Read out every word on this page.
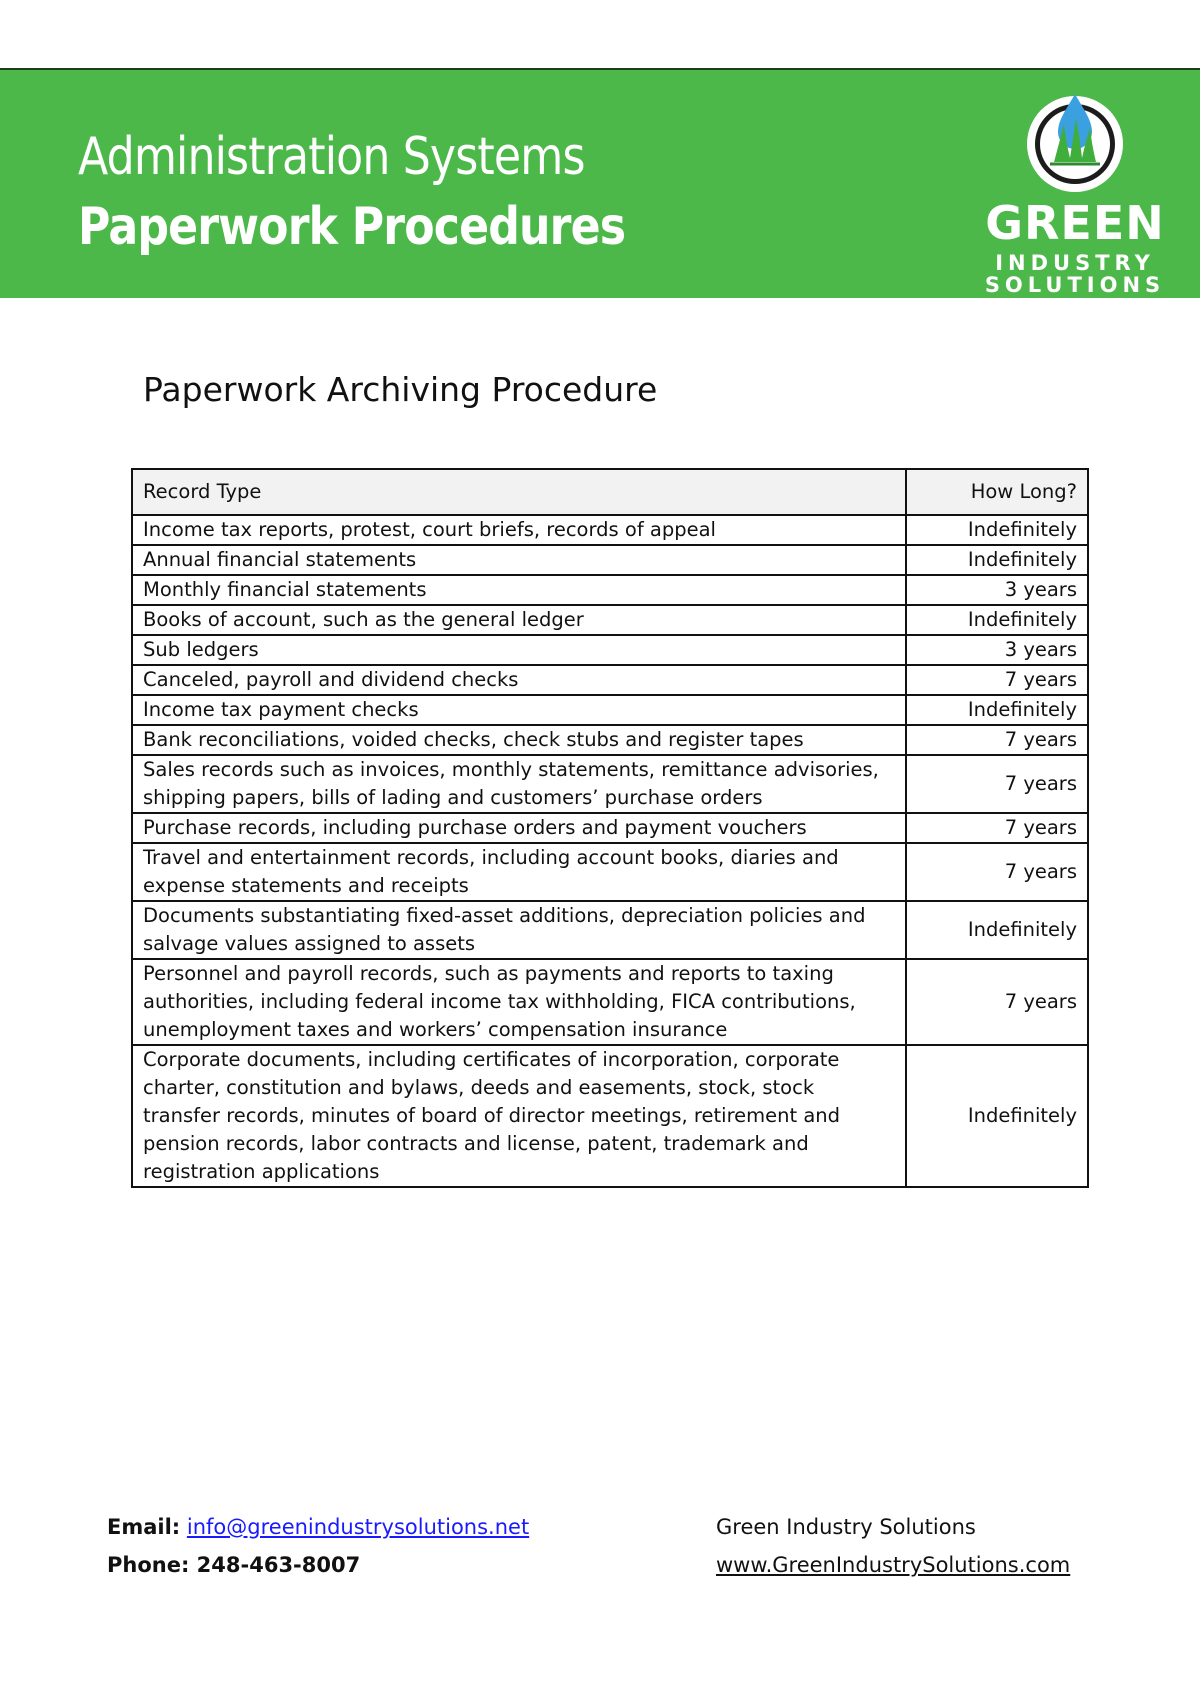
Administration Systems
Paperwork Procedures	GREEN
INDUSTRY
SOLUTIONS
Paperwork Archiving Procedure
Record Type	How Long?
Income tax reports, protest, court briefs, records of appeal	Indefinitely
Annual financial statements	Indefinitely
Monthly financial statements	3 years
Books of account, such as the general ledger	Indefinitely
Sub ledgers	3 years
Canceled, payroll and dividend checks	7 years
Income tax payment checks	Indefinitely
Bank reconciliations, voided checks, check stubs and register tapes	7 years
Sales records such as invoices, monthly statements, remittance advisories, shipping papers, bills of lading and customers’ purchase orders	7 years
Purchase records, including purchase orders and payment vouchers	7 years
Travel and entertainment records, including account books, diaries and expense statements and receipts	7 years
Documents substantiating fixed-asset additions, depreciation policies and salvage values assigned to assets	Indefinitely
Personnel and payroll records, such as payments and reports to taxing authorities, including federal income tax withholding, FICA contributions, unemployment taxes and workers’ compensation insurance	7 years
Corporate documents, including certificates of incorporation, corporate charter, constitution and bylaws, deeds and easements, stock, stock transfer records, minutes of board of director meetings, retirement and pension records, labor contracts and license, patent, trademark and registration applications	Indefinitely
Email: info@greenindustrysolutions.net
Phone: 248-463-8007
Green Industry Solutions
www.GreenIndustrySolutions.com
